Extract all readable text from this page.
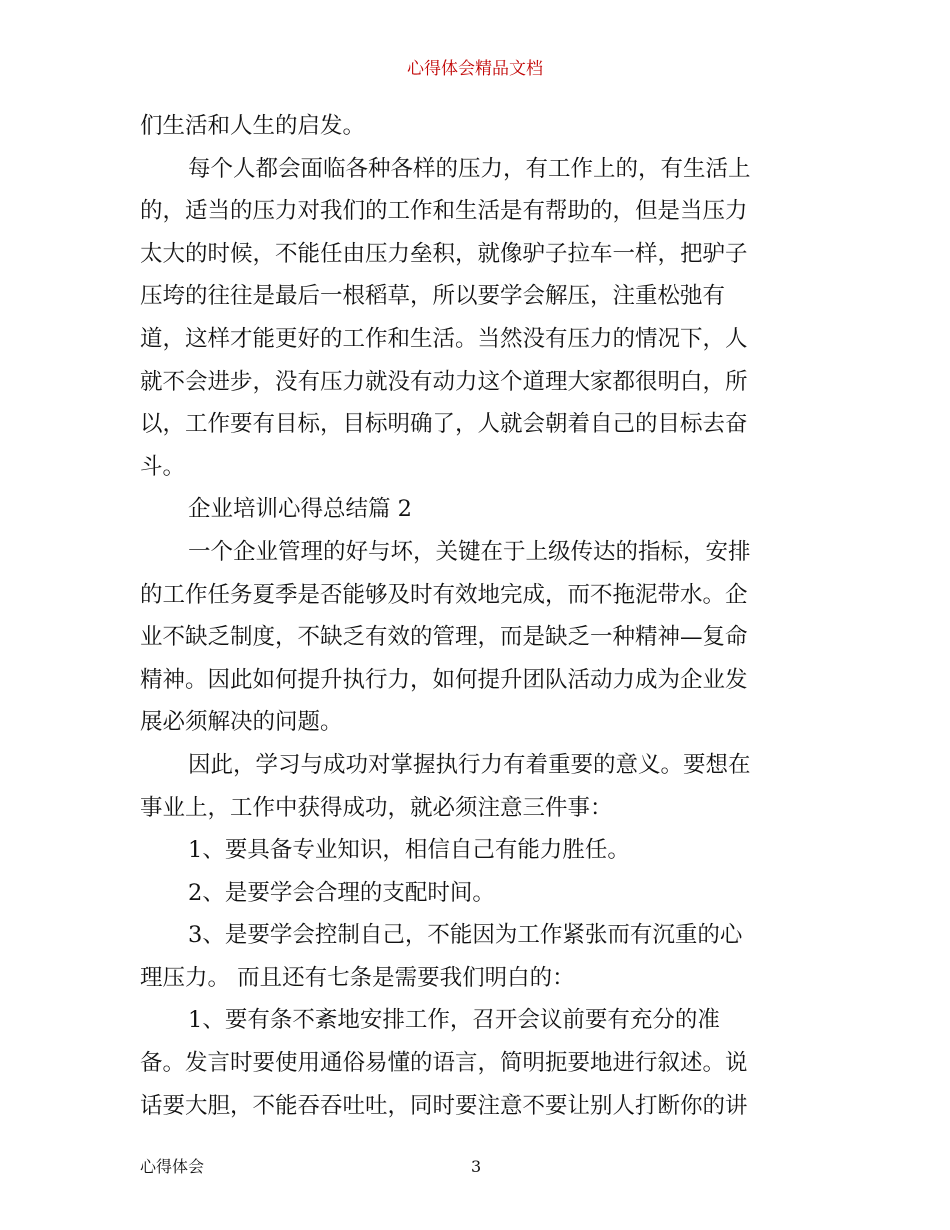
心得体会精品文档
们生活和人生的启发。
每个人都会面临各种各样的压力，有工作上的，有生活上
的，适当的压力对我们的工作和生活是有帮助的，但是当压力
太大的时候，不能任由压力垒积，就像驴子拉车一样，把驴子
压垮的往往是最后一根稻草，所以要学会解压，注重松弛有
道，这样才能更好的工作和生活。当然没有压力的情况下，人
就不会进步，没有压力就没有动力这个道理大家都很明白，所
以，工作要有目标，目标明确了，人就会朝着自己的目标去奋
斗。
企业培训心得总结篇 2
一个企业管理的好与坏，关键在于上级传达的指标，安排
的工作任务夏季是否能够及时有效地完成，而不拖泥带水。企
业不缺乏制度，不缺乏有效的管理，而是缺乏一种精神—复命
精神。因此如何提升执行力，如何提升团队活动力成为企业发
展必须解决的问题。
因此，学习与成功对掌握执行力有着重要的意义。要想在
事业上，工作中获得成功，就必须注意三件事：
1、要具备专业知识，相信自己有能力胜任。
2、是要学会合理的支配时间。
3、是要学会控制自己，不能因为工作紧张而有沉重的心
理压力。 而且还有七条是需要我们明白的：
1、要有条不紊地安排工作，召开会议前要有充分的准
备。发言时要使用通俗易懂的语言，简明扼要地进行叙述。说
话要大胆，不能吞吞吐吐，同时要注意不要让别人打断你的讲
心得体会	3
